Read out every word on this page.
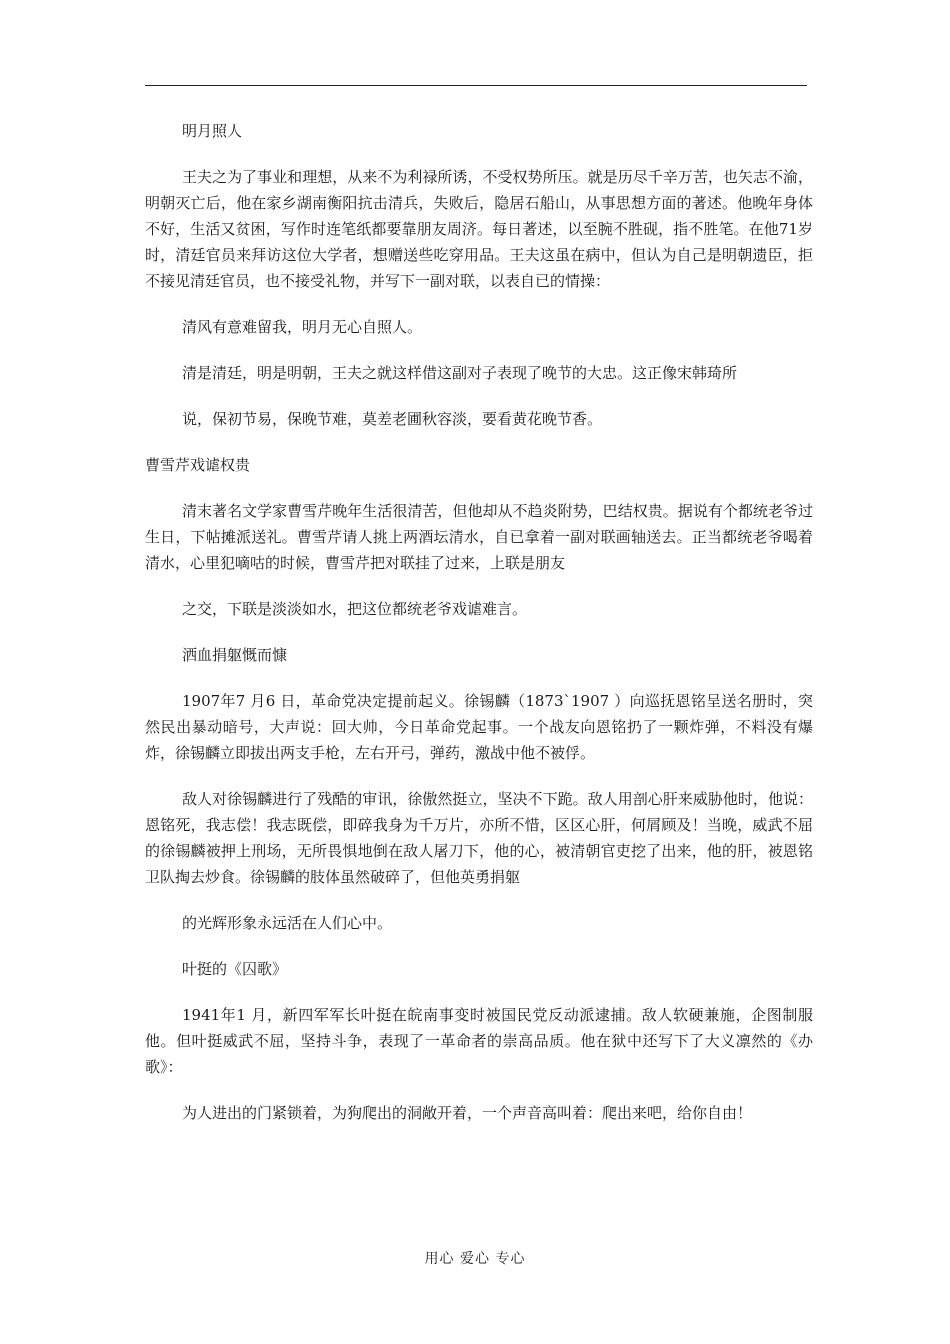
明月照人

王夫之为了事业和理想，从来不为利禄所诱，不受权势所压。就是历尽千辛万苦，也矢志不渝，明朝灭亡后，他在家乡湖南衡阳抗击清兵，失败后，隐居石船山，从事思想方面的著述。他晚年身体不好，生活又贫困，写作时连笔纸都要靠朋友周济。每日著述，以至腕不胜砚，指不胜笔。在他71岁时，清廷官员来拜访这位大学者，想赠送些吃穿用品。王夫这虽在病中，但认为自己是明朝遗臣，拒不接见清廷官员，也不接受礼物，并写下一副对联，以表自已的情操：

清风有意难留我，明月无心自照人。

清是清廷，明是明朝，王夫之就这样借这副对子表现了晚节的大忠。这正像宋韩琦所

说，保初节易，保晚节难，莫差老圃秋容淡，要看黄花晚节香。

曹雪芹戏谑权贵

清末著名文学家曹雪芹晚年生活很清苦，但他却从不趋炎附势，巴结权贵。据说有个都统老爷过生日，下帖摊派送礼。曹雪芹请人挑上两酒坛清水，自已拿着一副对联画轴送去。正当都统老爷喝着清水，心里犯嘀咕的时候，曹雪芹把对联挂了过来，上联是朋友

之交，下联是淡淡如水，把这位都统老爷戏谑难言。

洒血捐躯慨而慷

1907年7 月6 日，革命党决定提前起义。徐锡麟（1873`1907 ）向巡抚恩铭呈送名册时，突然民出暴动暗号，大声说：回大帅，今日革命党起事。一个战友向恩铭扔了一颗炸弹，不料没有爆炸，徐锡麟立即拔出两支手枪，左右开弓，弹药，激战中他不被俘。

敌人对徐锡麟进行了残酷的审讯，徐傲然挺立，坚决不下跪。敌人用剖心肝来威胁他时，他说：恩铭死，我志偿！我志既偿，即碎我身为千万片，亦所不惜，区区心肝，何屑顾及！当晚，威武不屈的徐锡麟被押上刑场，无所畏惧地倒在敌人屠刀下，他的心，被清朝官吏挖了出来，他的肝，被恩铭卫队掏去炒食。徐锡麟的肢体虽然破碎了，但他英勇捐躯

的光辉形象永远活在人们心中。

叶挺的《囚歌》

1941年1 月，新四军军长叶挺在皖南事变时被国民党反动派逮捕。敌人软硬兼施，企图制服他。但叶挺威武不屈，坚持斗争，表现了一革命者的崇高品质。他在狱中还写下了大义凛然的《办歌》：

为人进出的门紧锁着，为狗爬出的洞敞开着，一个声音高叫着：爬出来吧，给你自由！

用心 爱心 专心
